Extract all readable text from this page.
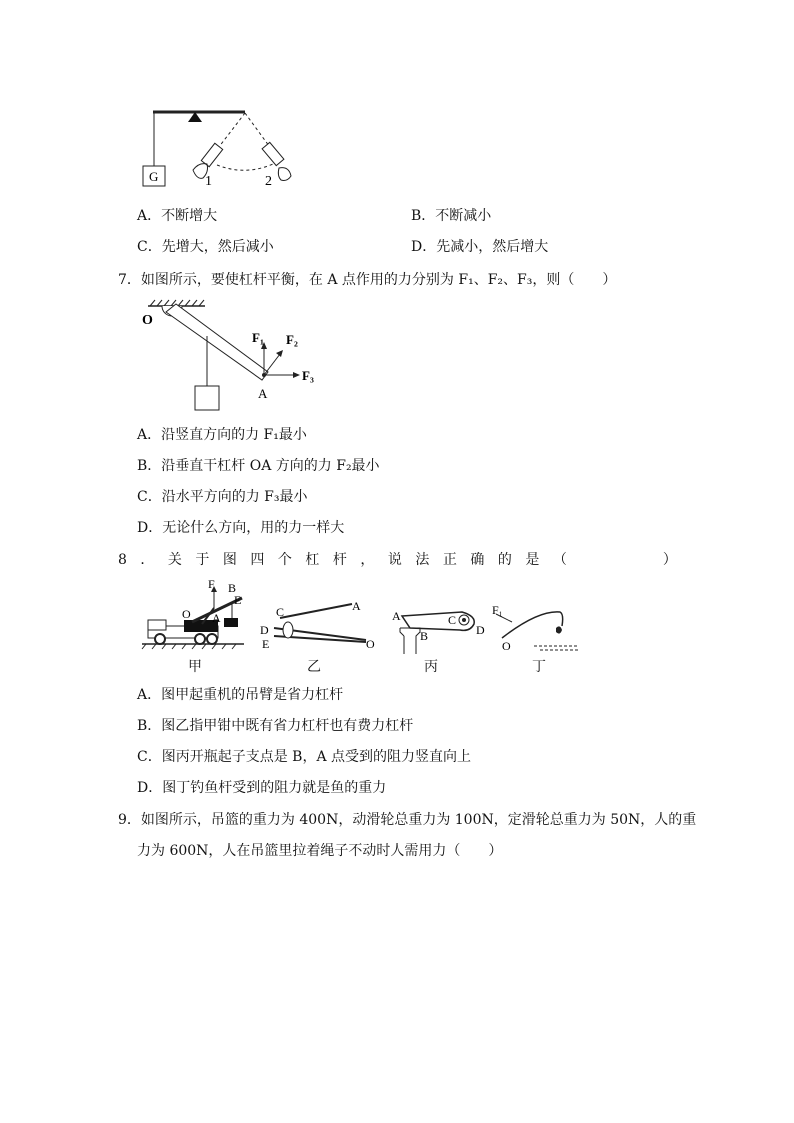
G	1	2
A．不断增大	B．不断减小
C．先增大，然后减小	D．先减小，然后增大
7．如图所示，要使杠杆平衡，在 A 点作用的力分别为 F₁、F₂、F₃，则（　　）
O
A
F₁ F₂
F₃
A．沿竖直方向的力 F₁最小
B．沿垂直干杠杆 OA 方向的力 F₂最小
C．沿水平方向的力 F₃最小
D．无论什么方向，用的力一样大
8．关于图四个杠杆，说法正确的是（　　　）
F B
E
O A	C	A
D
E	O
A	C
B	D
F₁
O
甲	乙	丙	丁
A．图甲起重机的吊臂是省力杠杆
B．图乙指甲钳中既有省力杠杆也有费力杠杆
C．图丙开瓶起子支点是 B，A 点受到的阻力竖直向上
D．图丁钓鱼杆受到的阻力就是鱼的重力
9．如图所示，吊篮的重力为 400N，动滑轮总重力为 100N，定滑轮总重力为 50N，人的重
力为 600N，人在吊篮里拉着绳子不动时人需用力（　　）
